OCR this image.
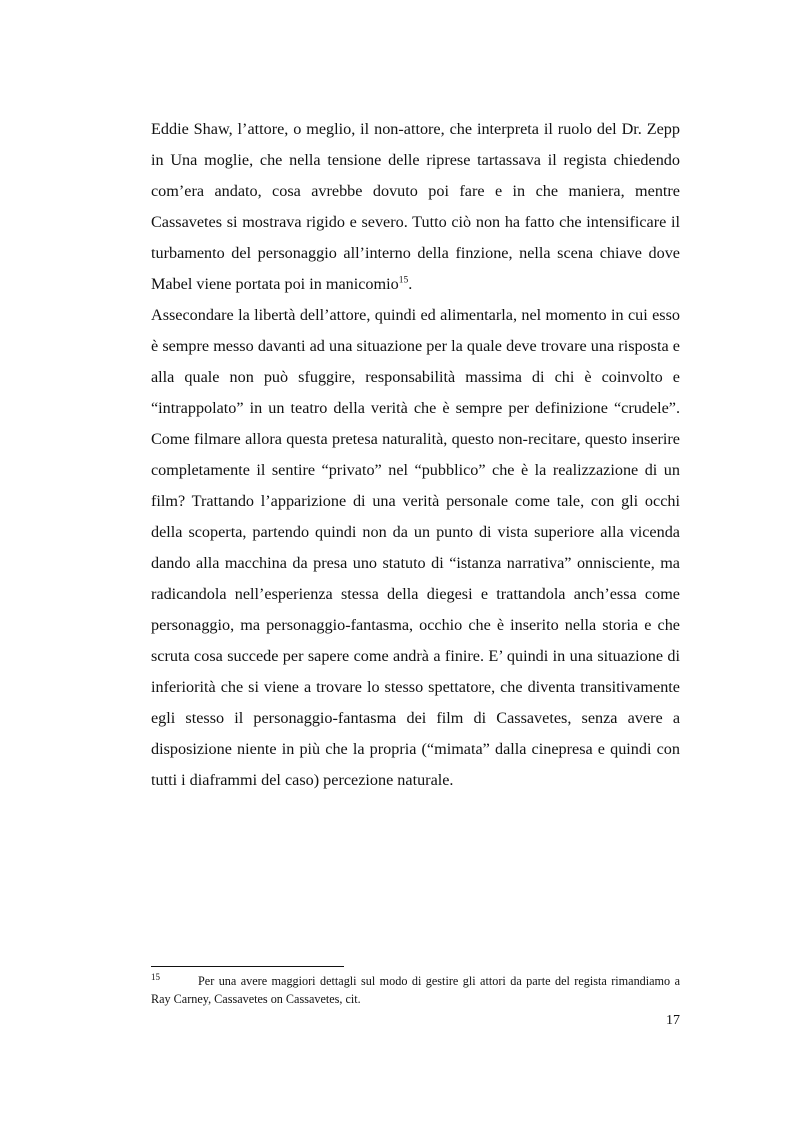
Eddie Shaw, l’attore, o meglio, il non-attore, che interpreta il ruolo del Dr. Zepp in Una moglie, che nella tensione delle riprese tartassava il regista chiedendo com’era andato, cosa avrebbe dovuto poi fare e in che maniera, mentre Cassavetes si mostrava rigido e severo. Tutto ciò non ha fatto che intensificare il turbamento del personaggio all’interno della finzione, nella scena chiave dove Mabel viene portata poi in manicomio$^{15}$.

Assecondare la libertà dell’attore, quindi ed alimentarla, nel momento in cui esso è sempre messo davanti ad una situazione per la quale deve trovare una risposta e alla quale non può sfuggire, responsabilità massima di chi è coinvolto e “intrappolato” in un teatro della verità che è sempre per definizione “crudele”. Come filmare allora questa pretesa naturalità, questo non-recitare, questo inserire completamente il sentire “privato” nel “pubblico” che è la realizzazione di un film? Trattando l’apparizione di una verità personale come tale, con gli occhi della scoperta, partendo quindi non da un punto di vista superiore alla vicenda dando alla macchina da presa uno statuto di “istanza narrativa” onnisciente, ma radicandola nell’esperienza stessa della diegesi e trattandola anch’essa come personaggio, ma personaggio-fantasma, occhio che è inserito nella storia e che scruta cosa succede per sapere come andrà a finire. E’ quindi in una situazione di inferiorità che si viene a trovare lo stesso spettatore, che diventa transitivamente egli stesso il personaggio-fantasma dei film di Cassavetes, senza avere a disposizione niente in più che la propria (“mimata” dalla cinepresa e quindi con tutti i diaframmi del caso) percezione naturale.

$^{15}$	Per una avere maggiori dettagli sul modo di gestire gli attori da parte del regista rimandiamo a Ray Carney, Cassavetes on Cassavetes, cit.
17
